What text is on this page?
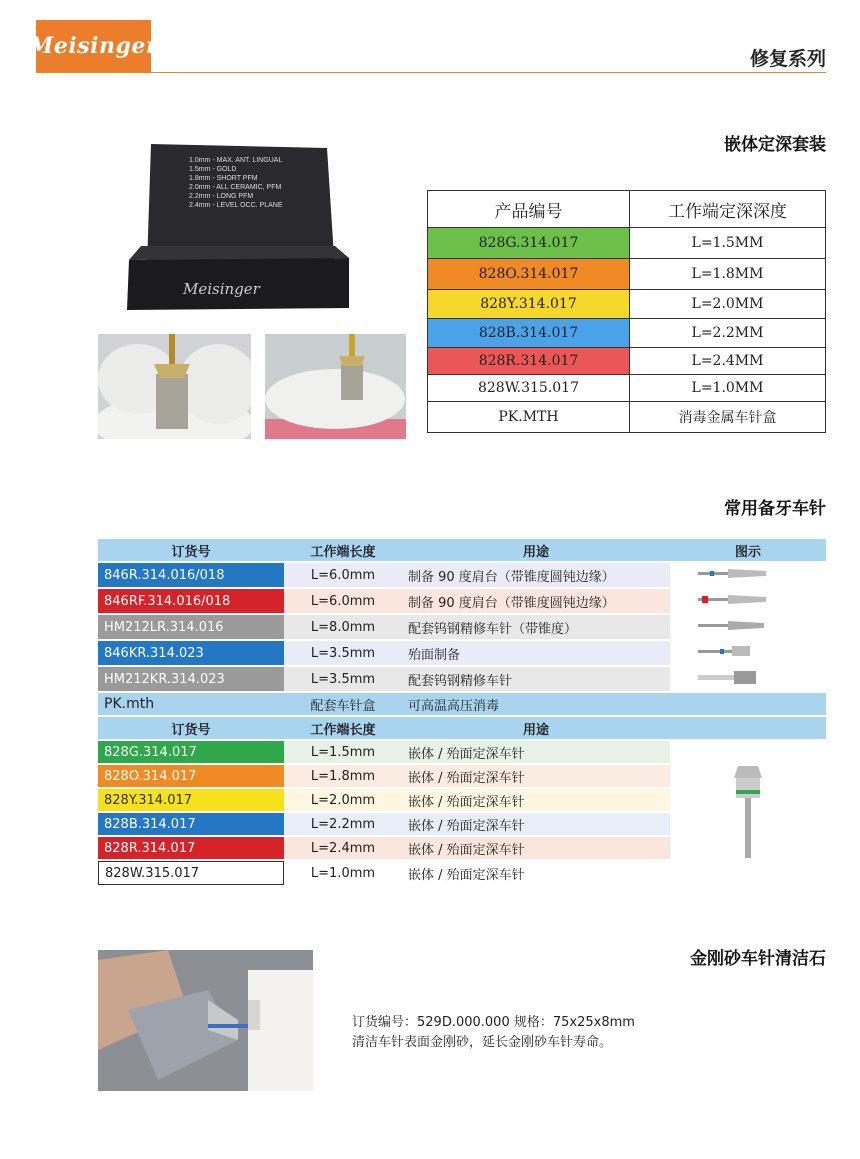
Meisinger	修复系列
嵌体定深套装
1.0mm - MAX. ANT. LINGUAL
1.5mm - GOLD
1.8mm - SHORT PFM
2.0mm - ALL CERAMIC, PFM
2.2mm - LONG PFM
2.4mm - LEVEL OCC. PLANE
Meisinger
产品编号	工作端定深深度
828G.314.017	L=1.5MM
828O.314.017	L=1.8MM
828Y.314.017	L=2.0MM
828B.314.017	L=2.2MM
828R.314.017	L=2.4MM
828W.315.017	L=1.0MM
PK.MTH	消毒金属车针盒
常用备牙车针
订货号	工作端长度	用途	图示
846R.314.016/018	L=6.0mm	制备 90 度肩台（带锥度圆钝边缘）	
846RF.314.016/018	L=6.0mm	制备 90 度肩台（带锥度圆钝边缘）	
HM212LR.314.016	L=8.0mm	配套钨钢精修车针（带锥度）	
846KR.314.023	L=3.5mm	殆面制备	
HM212KR.314.023	L=3.5mm	配套钨钢精修车针	
PK.mth	配套车针盒	可高温高压消毒	
订货号	工作端长度	用途	
828G.314.017	L=1.5mm	嵌体 / 殆面定深车针	
828O.314.017	L=1.8mm	嵌体 / 殆面定深车针	
828Y.314.017	L=2.0mm	嵌体 / 殆面定深车针	
828B.314.017	L=2.2mm	嵌体 / 殆面定深车针	
828R.314.017	L=2.4mm	嵌体 / 殆面定深车针	
828W.315.017	L=1.0mm	嵌体 / 殆面定深车针	
金刚砂车针清洁石
订货编号：529D.000.000 规格：75x25x8mm
清洁车针表面金刚砂，延长金刚砂车针寿命。
